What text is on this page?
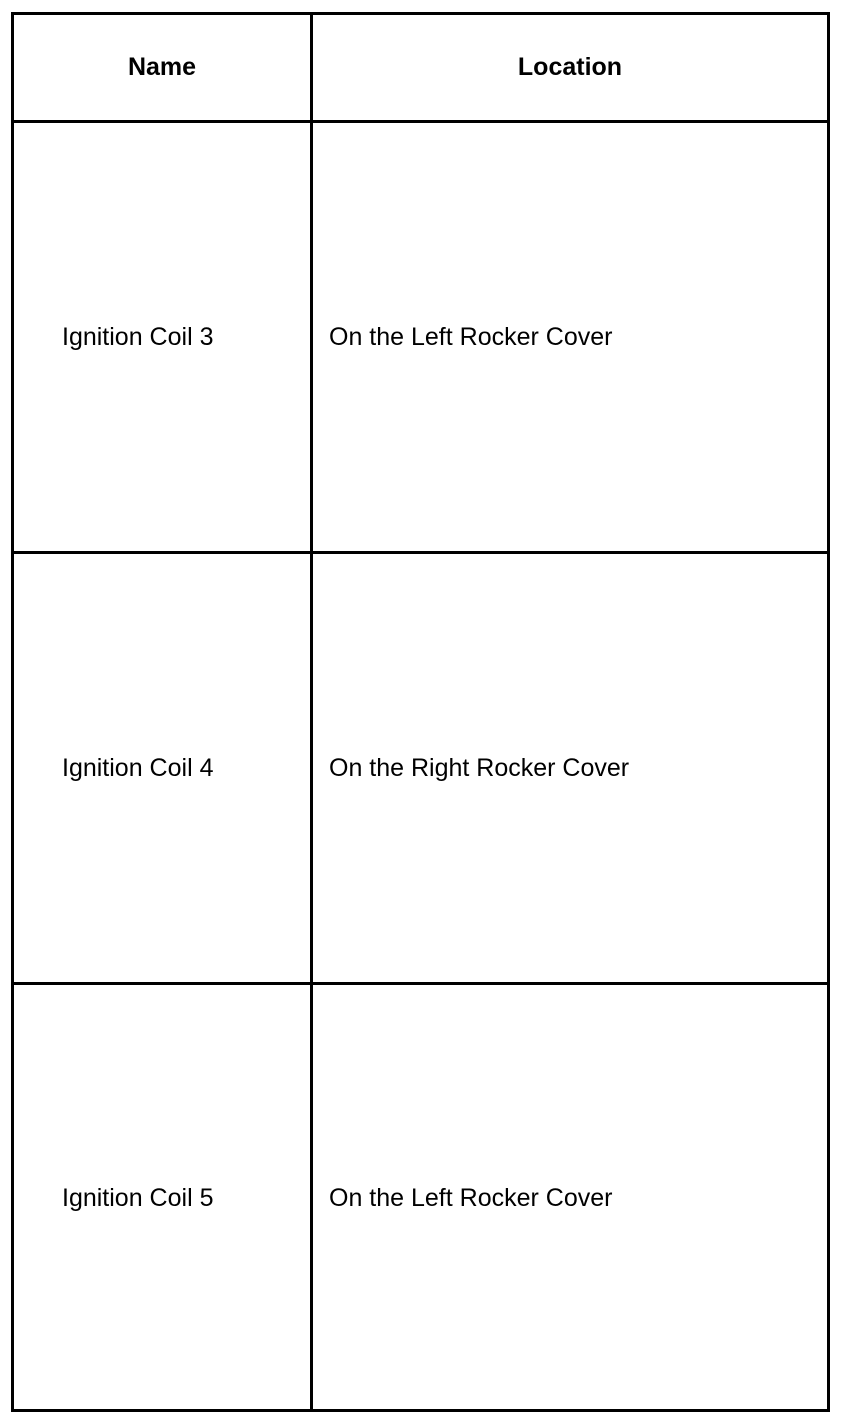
Name	Location
Ignition Coil 3	On the Left Rocker Cover
Ignition Coil 4	On the Right Rocker Cover
Ignition Coil 5	On the Left Rocker Cover
